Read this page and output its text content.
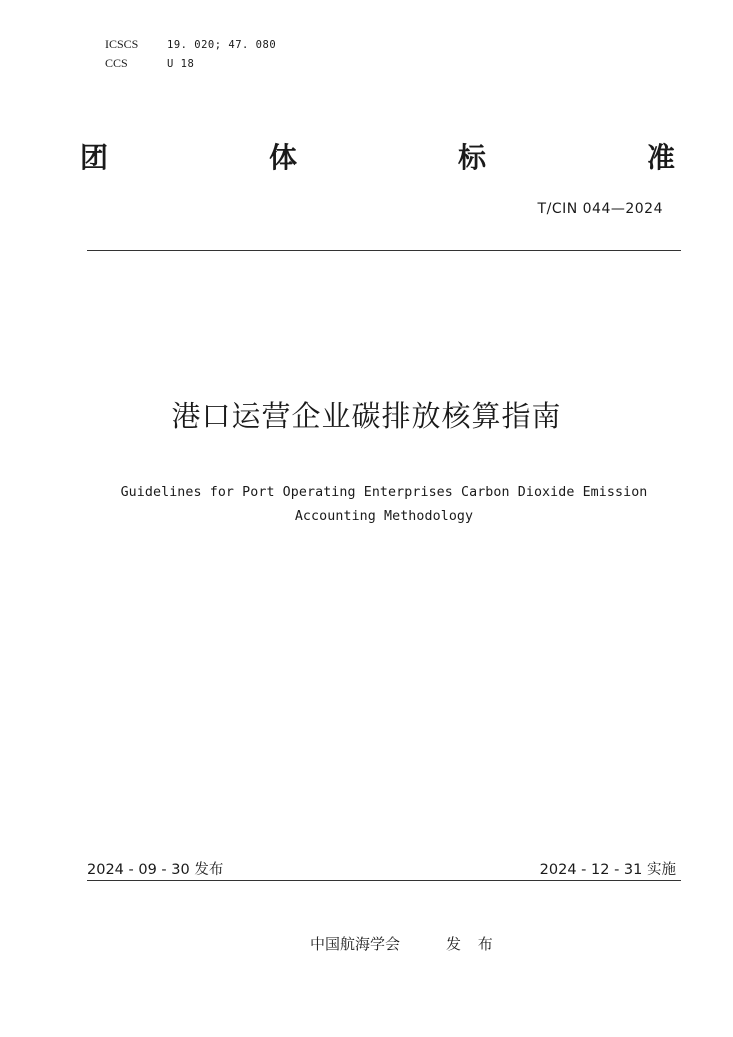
ICSCS	19. 020; 47. 080
CCS	U 18
团	体	标	准
T/CIN 044—2024
港口运营企业碳排放核算指南
Guidelines for Port Operating Enterprises Carbon Dioxide Emission
Accounting Methodology
2024 - 09 - 30 发布	2024 - 12 - 31 实施
中国航海学会	发 布
